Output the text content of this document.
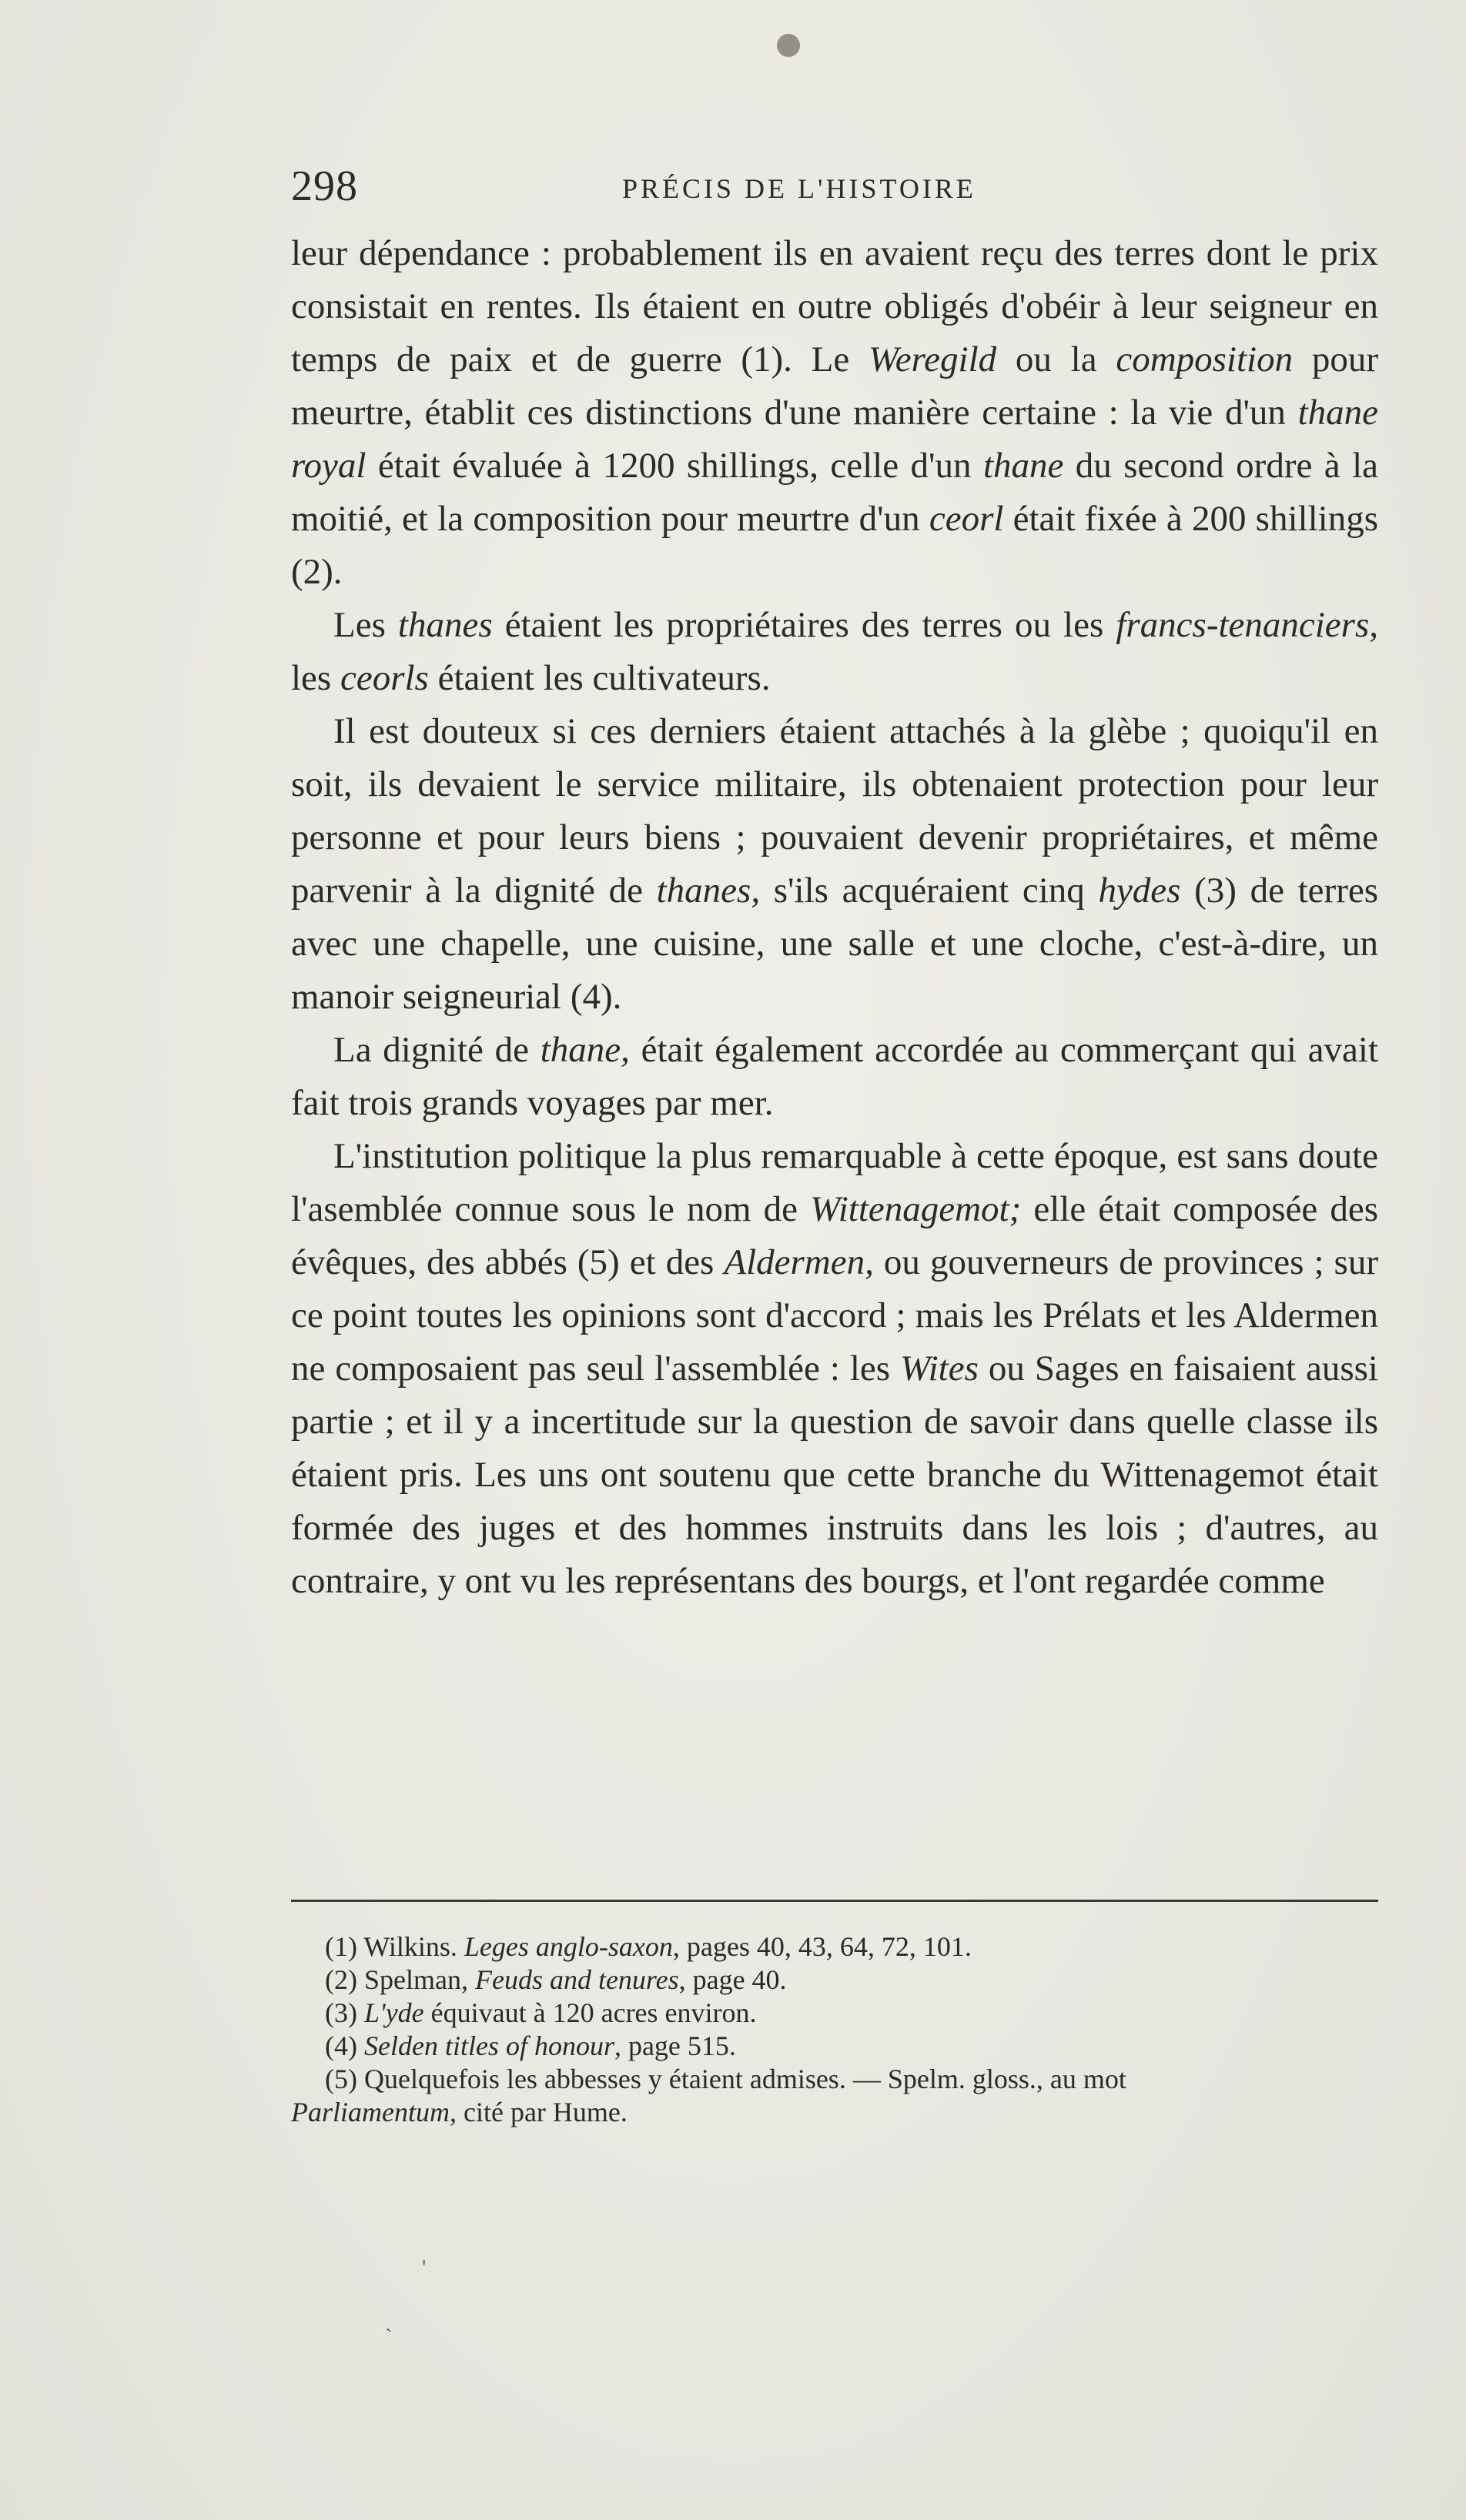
298	PRÉCIS DE L'HISTOIRE

leur dépendance : probablement ils en avaient reçu des terres dont le prix consistait en rentes. Ils étaient en outre obligés d'obéir à leur seigneur en temps de paix et de guerre (1). Le Weregild ou la composition pour meurtre, établit ces distinctions d'une manière certaine : la vie d'un thane royal était évaluée à 1200 shillings, celle d'un thane du second ordre à la moitié, et la composition pour meurtre d'un ceorl était fixée à 200 shillings (2).

Les thanes étaient les propriétaires des terres ou les francs-tenanciers, les ceorls étaient les cultivateurs.

Il est douteux si ces derniers étaient attachés à la glèbe ; quoiqu'il en soit, ils devaient le service militaire, ils obtenaient protection pour leur personne et pour leurs biens ; pouvaient devenir propriétaires, et même parvenir à la dignité de thanes, s'ils acquéraient cinq hydes (3) de terres avec une chapelle, une cuisine, une salle et une cloche, c'est-à-dire, un manoir seigneurial (4).

La dignité de thane, était également accordée au commerçant qui avait fait trois grands voyages par mer.

L'institution politique la plus remarquable à cette époque, est sans doute l'asemblée connue sous le nom de Wittenagemot; elle était composée des évêques, des abbés (5) et des Aldermen, ou gouverneurs de provinces ; sur ce point toutes les opinions sont d'accord ; mais les Prélats et les Aldermen ne composaient pas seul l'assemblée : les Wites ou Sages en faisaient aussi partie ; et il y a incertitude sur la question de savoir dans quelle classe ils étaient pris. Les uns ont soutenu que cette branche du Wittenagemot était formée des juges et des hommes instruits dans les lois ; d'autres, au contraire, y ont vu les représentans des bourgs, et l'ont regardée comme

(1) Wilkins. Leges anglo-saxon, pages 40, 43, 64, 72, 101.

(2) Spelman, Feuds and tenures, page 40.

(3) L'yde équivaut à 120 acres environ.

(4) Selden titles of honour, page 515.

(5) Quelquefois les abbesses y étaient admises. — Spelm. gloss., au mot

Parliamentum, cité par Hume.

'
`
